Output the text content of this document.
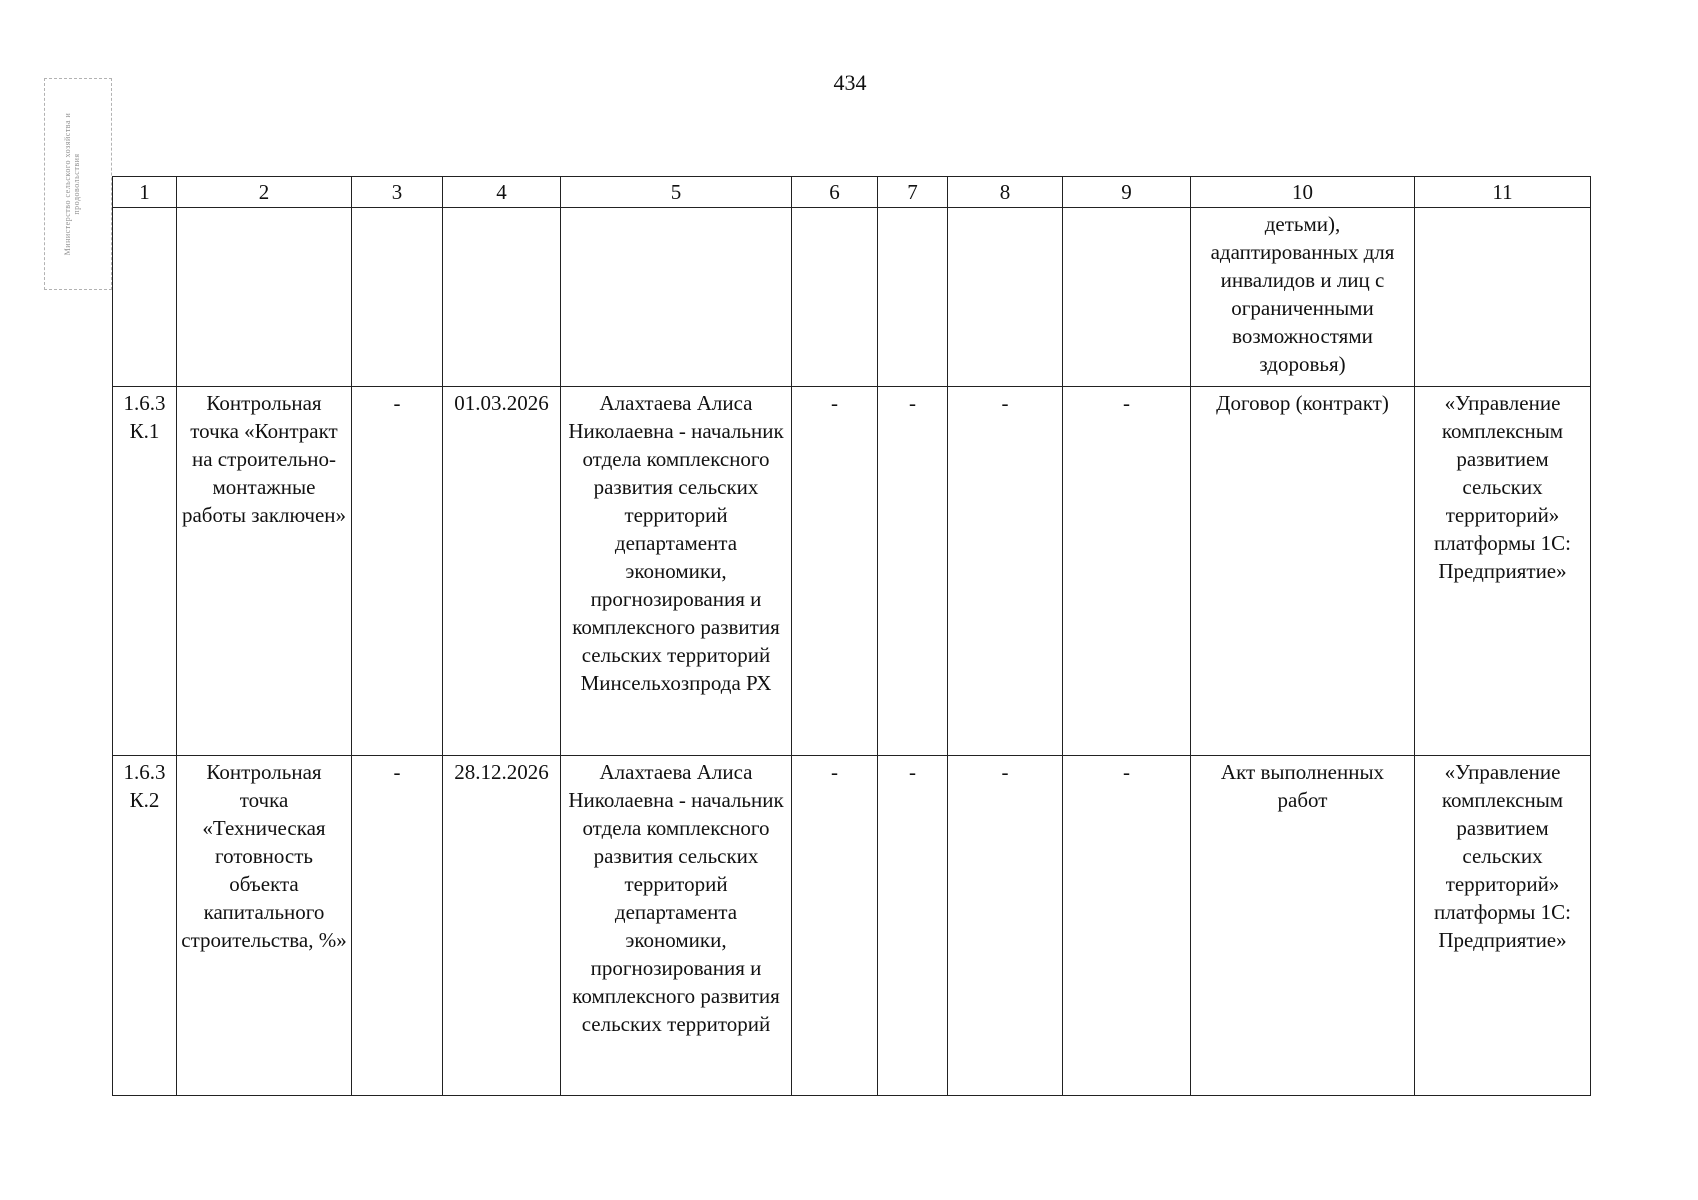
434
Министерство сельского хозяйства и продовольствия	1	2	3	4	5	6	7	8	9	10	11
									детьми), адаптированных для инвалидов и лиц с ограниченными возможностями здоровья)	
1.6.3 К.1	Контрольная точка «Контракт на строительно-монтажные работы заключен»	-	01.03.2026	Алахтаева Алиса Николаевна - начальник отдела комплексного развития сельских территорий департамента экономики, прогнозирования и комплексного развития сельских территорий Минсельхозпрода РХ	-	-	-	-	Договор (контракт)	«Управление комплексным развитием сельских территорий» платформы 1С: Предприятие»
1.6.3 К.2	Контрольная точка «Техническая готовность объекта капитального строительства, %»	-	28.12.2026	Алахтаева Алиса Николаевна - начальник отдела комплексного развития сельских территорий департамента экономики, прогнозирования и комплексного развития сельских территорий	-	-	-	-	Акт выполненных работ	«Управление комплексным развитием сельских территорий» платформы 1С: Предприятие»
